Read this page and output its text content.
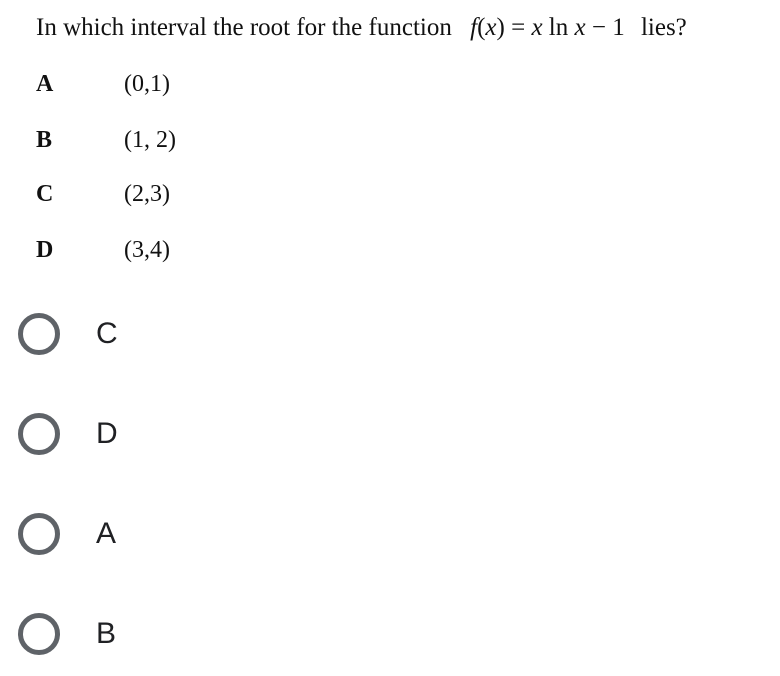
In which interval the root for the function f(x) = x ln x − 1 lies?
A	(0,1)
B	(1, 2)
C	(2,3)
D	(3,4)
C
D
A
B
